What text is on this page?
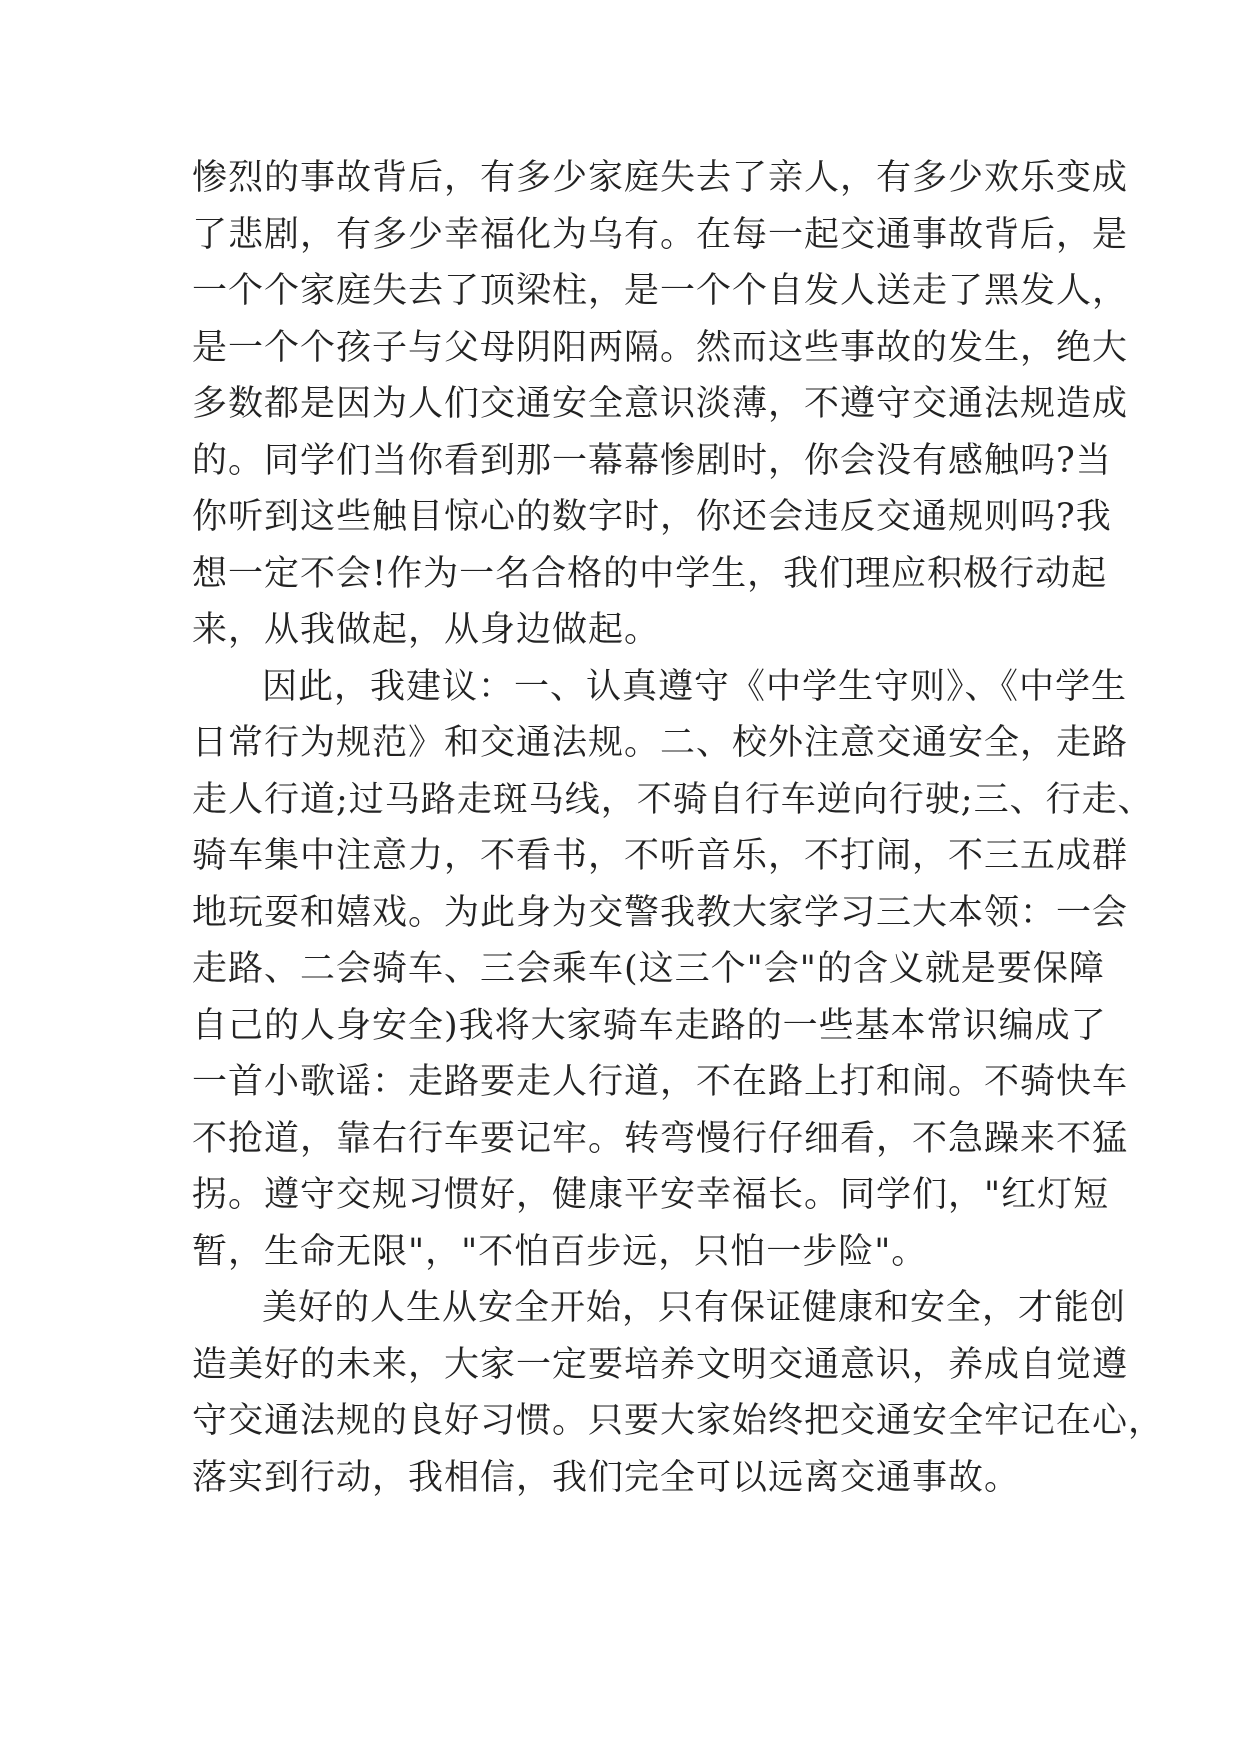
惨烈的事故背后，有多少家庭失去了亲人，有多少欢乐变成
了悲剧，有多少幸福化为乌有。在每一起交通事故背后，是
一个个家庭失去了顶梁柱，是一个个自发人送走了黑发人，
是一个个孩子与父母阴阳两隔。然而这些事故的发生，绝大
多数都是因为人们交通安全意识淡薄，不遵守交通法规造成
的。同学们当你看到那一幕幕惨剧时，你会没有感触吗?当
你听到这些触目惊心的数字时，你还会违反交通规则吗?我
想一定不会!作为一名合格的中学生，我们理应积极行动起
来，从我做起，从身边做起。
因此，我建议：一、认真遵守《中学生守则》、《中学生
日常行为规范》和交通法规。二、校外注意交通安全，走路
走人行道;过马路走斑马线，不骑自行车逆向行驶;三、行走、
骑车集中注意力，不看书，不听音乐，不打闹，不三五成群
地玩耍和嬉戏。为此身为交警我教大家学习三大本领：一会
走路、二会骑车、三会乘车(这三个"会"的含义就是要保障
自己的人身安全)我将大家骑车走路的一些基本常识编成了
一首小歌谣：走路要走人行道，不在路上打和闹。不骑快车
不抢道，靠右行车要记牢。转弯慢行仔细看，不急躁来不猛
拐。遵守交规习惯好，健康平安幸福长。同学们，"红灯短
暂，生命无限"，"不怕百步远，只怕一步险"。
美好的人生从安全开始，只有保证健康和安全，才能创
造美好的未来，大家一定要培养文明交通意识，养成自觉遵
守交通法规的良好习惯。只要大家始终把交通安全牢记在心，
落实到行动，我相信，我们完全可以远离交通事故。
